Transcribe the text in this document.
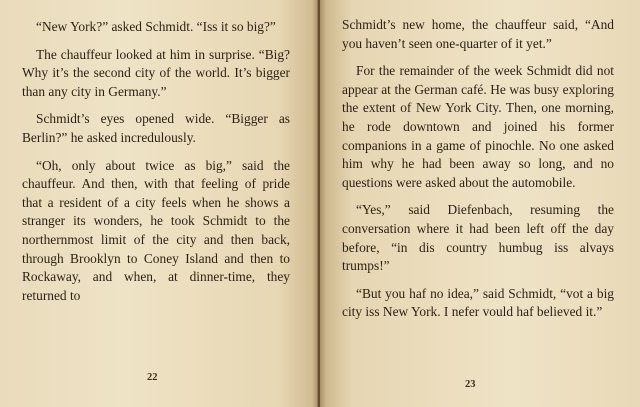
“New York?” asked Schmidt. “Iss it so big?”

The chauffeur looked at him in surprise. “Big? Why it’s the second city of the world. It’s bigger than any city in Germany.”

Schmidt’s eyes opened wide. “Bigger as Berlin?” he asked incredulously.

“Oh, only about twice as big,” said the chauffeur. And then, with that feeling of pride that a resident of a city feels when he shows a stranger its wonders, he took Schmidt to the northernmost limit of the city and then back, through Brooklyn to Coney Island and then to Rockaway, and when, at dinner-time, they returned to

22

Schmidt’s new home, the chauffeur said, “And you haven’t seen one-quarter of it yet.”

For the remainder of the week Schmidt did not appear at the German café. He was busy exploring the extent of New York City. Then, one morning, he rode downtown and joined his former companions in a game of pinochle. No one asked him why he had been away so long, and no questions were asked about the automobile.

“Yes,” said Diefenbach, resuming the conversation where it had been left off the day before, “in dis country humbug iss alvays trumps!”

“But you haf no idea,” said Schmidt, “vot a big city iss New York. I nefer vould haf believed it.”

23
